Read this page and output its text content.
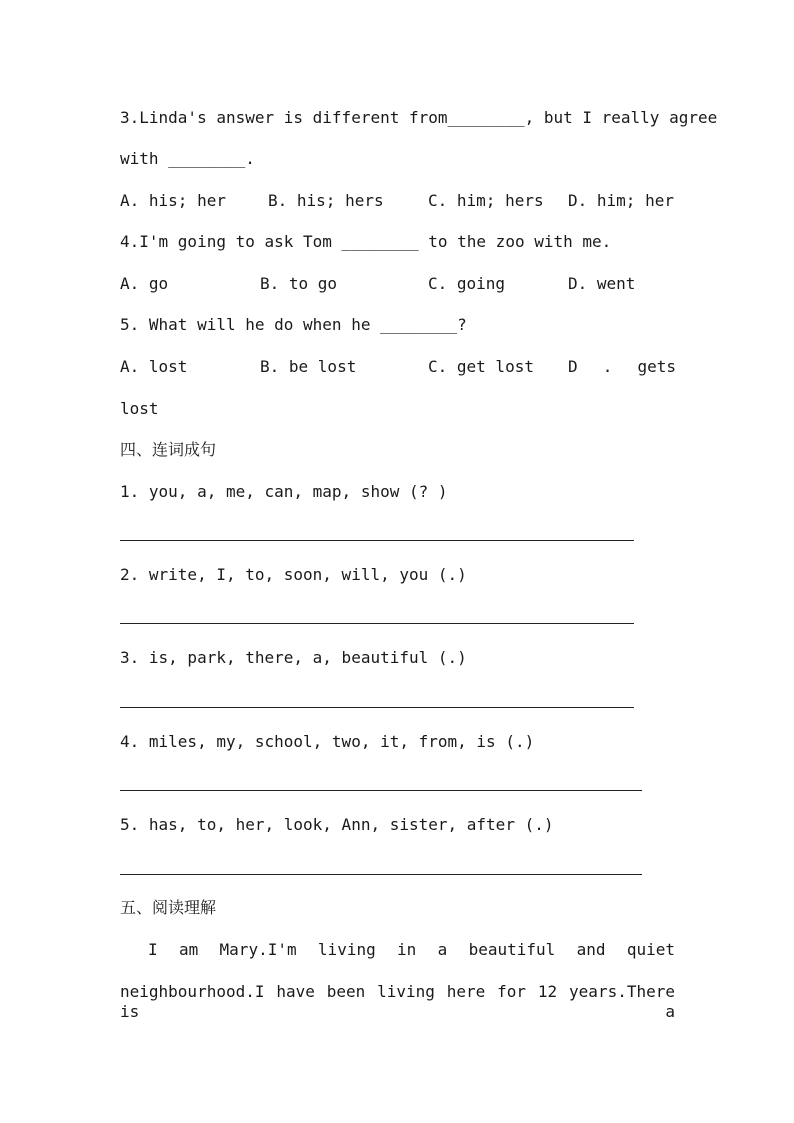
3.Linda's answer is different from________, but I really agree
with ________.
A. his; her	B. his; hers	C. him; hers D. him; her
4.I'm going to ask Tom ________ to the zoo with me.
A. go	B. to go	C. going	D. went
5. What will he do when he ________?
A. lost	B. be lost	C. get lost D . gets
lost
四、连词成句
1. you, a, me, can, map, show (? )
2. write, I, to, soon, will, you (.)
3. is, park, there, a, beautiful (.)
4. miles, my, school, two, it, from, is (.)
5. has, to, her, look, Ann, sister, after (.)
五、阅读理解
I am Mary.I'm living in a beautiful and quiet
neighbourhood.I have been living here for 12 years.There is a
